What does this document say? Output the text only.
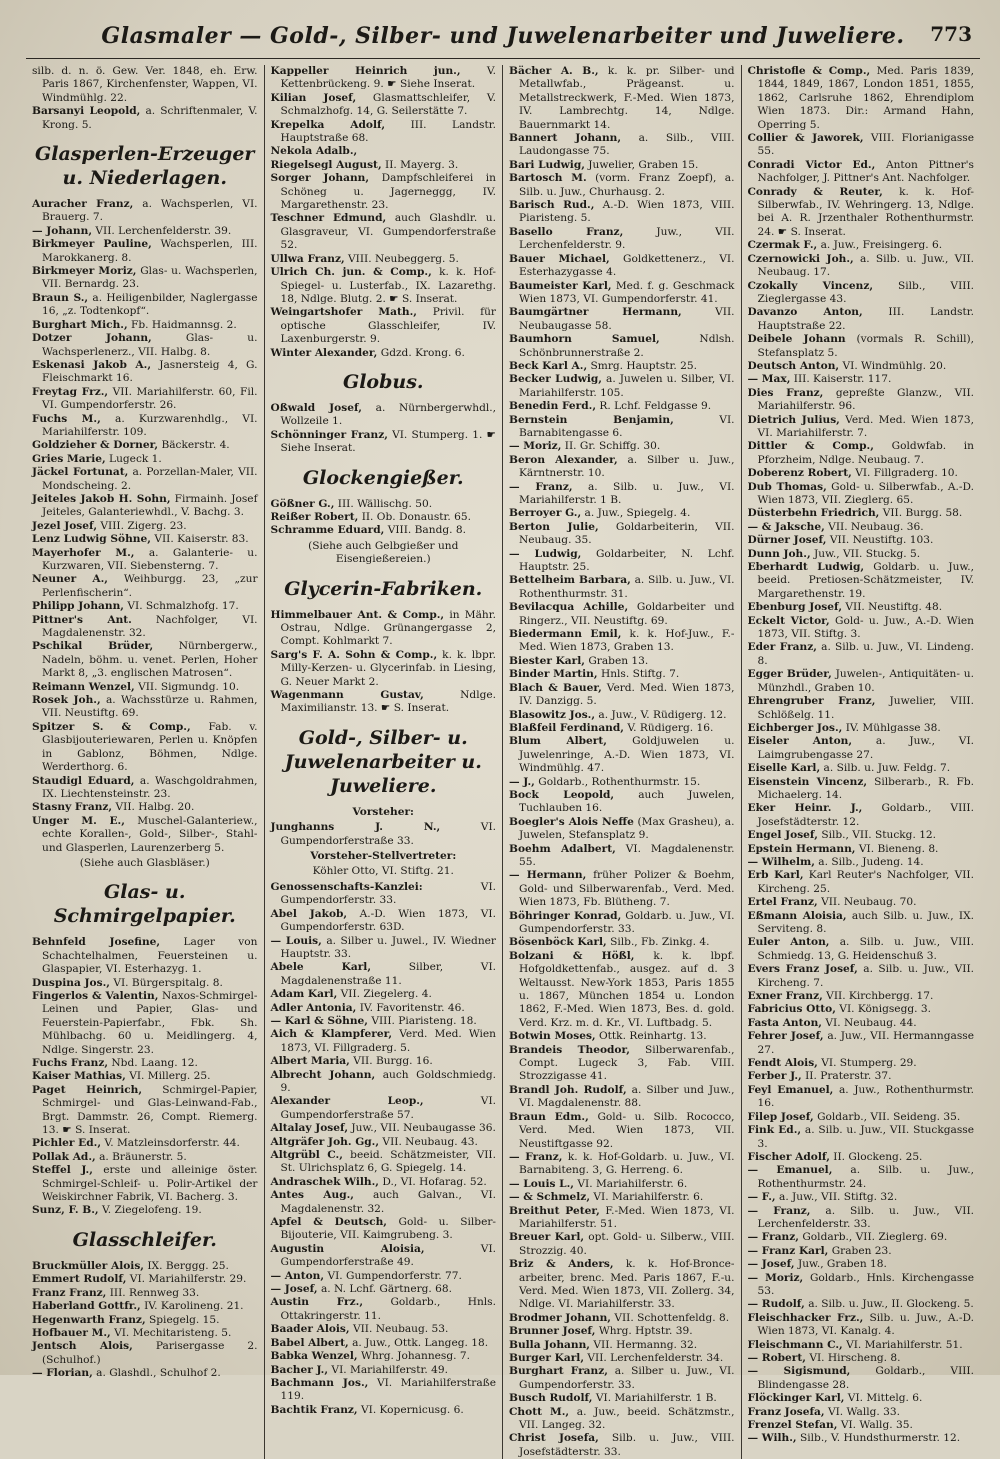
Glasmaler — Gold-, Silber- und Juwelenarbeiter und Juweliere. 773

silb. d. n. ö. Gew. Ver. 1848, eh. Erw. Paris 1867, Kirchenfenster, Wappen, VI. Windmühlg. 22.

Barsanyi Leopold, a. Schriftenmaler, V. Krong. 5.

Glasperlen-Erzeuger u. Niederlagen.

Auracher Franz, a. Wachsperlen, VI. Brauerg. 7.

— Johann, VII. Lerchenfelderstr. 39.

Birkmeyer Pauline, Wachsperlen, III. Marokkanerg. 8.

Birkmeyer Moriz, Glas- u. Wachsperlen, VII. Bernardg. 23.

Braun S., a. Heiligenbilder, Naglergasse 16, „z. Todtenkopf“.

Burghart Mich., Fb. Haidmannsg. 2.

Dotzer Johann,	Glas- u. Wachsperlenerz., VII. Halbg. 8.

Eskenasi Jakob A., Jasnersteig 4, G. Fleischmarkt 16.

Freytag Frz., VII. Mariahilferstr. 60, Fil. VI. Gumpendorferstr. 26.

Fuchs M., a. Kurzwarenhdlg., VI. Mariahilferstr. 109.

Goldzieher & Dorner, Bäckerstr. 4.

Gries Marie, Lugeck 1.

Jäckel Fortunat, a. Porzellan-Maler, VII. Mondscheing. 2.

Jeiteles Jakob H. Sohn, Firmainh. Josef Jeiteles, Galanteriewhdl., V. Bachg. 3.

Jezel Josef, VIII. Zigerg. 23.

Lenz Ludwig Söhne, VII. Kaiserstr. 83.

Mayerhofer M., a. Galanterie- u. Kurzwaren, VII. Siebensterng. 7.

Neuner A., Weihburgg. 23, „zur Perlenfischerin“.

Philipp Johann, VI. Schmalzhofg. 17.

Pittner's Ant. Nachfolger, VI. Magdalenenstr. 32.

Pschikal Brüder, Nürnbergerw., Nadeln, böhm. u. venet. Perlen, Hoher Markt 8, „3. englischen Matrosen“.

Reimann Wenzel, VII. Sigmundg. 10.

Rosek Joh., a. Wachsstürze u. Rahmen, VII. Neustiftg. 69.

Spitzer S. & Comp., Fab. v. Glasbijouteriewaren, Perlen u. Knöpfen in Gablonz, Böhmen, Ndlge. Werderthorg. 6.

Staudigl Eduard, a. Waschgoldrahmen, IX. Liechtensteinstr. 23.

Stasny Franz, VII. Halbg. 20.

Unger M. E., Muschel-Galanteriew., echte Korallen-, Gold-, Silber-, Stahl- und Glasperlen, Laurenzerberg 5.

(Siehe auch Glasbläser.)
Glas- u. Schmirgelpapier.

Behnfeld Josefine, Lager von Schachtelhalmen, Feuersteinen u. Glaspapier, VI. Esterhazyg. 1.

Duspina Jos., VI. Bürgerspitalg. 8.

Fingerlos & Valentin, Naxos-Schmirgel-Leinen und Papier, Glas- und Feuerstein-Papierfabr., Fbk. Sh. Mühlbachg. 60 u. Meidlingerg. 4, Ndlge. Singerstr. 23.

Fuchs Franz, Nbd. Laang. 12.

Kaiser Mathias, VI. Millerg. 25.

Paget Heinrich, Schmirgel-Papier, Schmirgel- und Glas-Leinwand-Fab., Brgt. Dammstr. 26, Compt. Riemerg. 13. ☛ S. Inserat.

Pichler Ed., V. Matzleinsdorferstr. 44.

Pollak Ad., a. Bräunerstr. 5.

Steffel J., erste und alleinige öster. Schmirgel-Schleif- u. Polir-Artikel der Weiskirchner Fabrik, VI. Bacherg. 3.

Sunz, F. B., V. Ziegelofeng. 19.

Glasschleifer.

Bruckmüller Alois, IX. Berggg. 25.

Emmert Rudolf, VI. Mariahilferstr. 29.

Franz Franz, III. Rennweg 33.

Haberland Gottfr., IV. Karolineng. 21.

Hegenwarth Franz, Spiegelg. 15.

Hofbauer M., VI. Mechitaristeng. 5.

Jentsch Alois, Parisergasse 2. (Schulhof.)

— Florian, a. Glashdl., Schulhof 2.

Kappeller Heinrich jun., V. Kettenbrückeng. 9. ☛ Siehe Inserat.

Kilian Josef, Glasmattschleifer, V. Schmalzhofg. 14, G. Seilerstätte 7.

Krepelka Adolf, III. Landstr. Hauptstraße 68.

Nekola Adalb.,

Riegelsegl August, II. Mayerg. 3.

Sorger Johann, Dampfschleiferei in Schöneg u. Jagerneggg, IV. Margarethenstr. 23.

Teschner Edmund, auch Glashdlr. u. Glasgraveur, VI. Gumpendorferstraße 52.

Ullwa Franz, VIII. Neubeggerg. 5.

Ulrich Ch. jun. & Comp., k. k. Hof-Spiegel- u. Lusterfab., IX. Lazarethg. 18, Ndlge. Blutg. 2. ☛ S. Inserat.

Weingartshofer Math., Privil. für optische Glasschleifer, IV. Laxenburgerstr. 9.

Winter Alexander, Gdzd. Krong. 6.

Globus.

Oßwald Josef, a. Nürnbergerwhdl., Wollzeile 1.

Schönninger Franz, VI. Stumperg. 1. ☛ Siehe Inserat.

Glockengießer.

Gößner G., III. Wällischg. 50.

Reißer Robert, II. Ob. Donaustr. 65.

Schramme Eduard, VIII. Bandg. 8.

(Siehe auch Gelbgießer und Eisengießereien.)
Glycerin-Fabriken.

Himmelbauer Ant. & Comp., in Mähr. Ostrau, Ndlge. Grünangergasse 2, Compt. Kohlmarkt 7.

Sarg's F. A. Sohn & Comp., k. k. lbpr. Milly-Kerzen- u. Glycerinfab. in Liesing, G. Neuer Markt 2.

Wagenmann Gustav,	Ndlge. Maximilianstr. 13. ☛ S. Inserat.

Gold-, Silber- u. Juwelenarbeiter u. Juweliere.
Vorsteher:

Junghanns J. N.,	VI. Gumpendorferstraße 33.

Vorsteher-Stellvertreter:
Köhler Otto, VI. Stiftg. 21.

Genossenschafts-Kanzlei:	VI. Gumpendorferstr. 33.

Abel Jakob, A.-D. Wien 1873, VI. Gumpendorferstr. 63D.

— Louis, a. Silber u. Juwel., IV. Wiedner Hauptstr. 33.

Abele Karl,	Silber, VI. Magdalenenstraße 11.

Adam Karl, VII. Ziegelerg. 4.

Adler Antonia, IV. Favoritenstr. 46.

— Karl & Söhne, VIII. Piaristeng. 18.

Aich & Klampferer, Verd. Med. Wien 1873, VI. Fillgraderg. 5.

Albert Maria, VII. Burgg. 16.

Albrecht Johann, auch Goldschmiedg. 9.

Alexander Leop.,	VI. Gumpendorferstraße 57.

Altalay Josef, Juw., VII. Neubaugasse 36.

Altgräfer Joh. Gg., VII. Neubaug. 43.

Altgrübl C., beeid. Schätzmeister, VII. St. Ulrichsplatz 6, G. Spiegelg. 14.

Andraschek Wilh., D., VI. Hofarag. 52.

Antes Aug., auch Galvan., VI. Magdalenenstr. 32.

Apfel & Deutsch, Gold- u. Silber-Bijouterie, VII. Kaimgrubeng. 3.

Augustin Aloisia,	VI. Gumpendorferstraße 49.

— Anton, VI. Gumpendorferstr. 77.

— Josef, a. N. Lchf. Gärtnerg. 68.

Austin Frz.,	Goldarb., Hnls. Ottakringerstr. 11.

Baader Alois, VII. Neubaug. 53.

Babel Albert, a. Juw., Ottk. Langeg. 18.

Babka Wenzel, Whrg. Johannesg. 7.

Bacher J., VI. Mariahilferstr. 49.

Bachmann Jos., VI. Mariahilferstraße 119.

Bachtik Franz, VI. Kopernicusg. 6.

Bächer A. B., k. k. pr. Silber- und Metallwfab., Prägeanst. u. Metallstreckwerk, F.-Med. Wien 1873, IV. Lambrechtg. 14, Ndlge. Bauernmarkt 14.

Bannert Johann, a. Silb., VIII. Laudongasse 75.

Bari Ludwig, Juwelier, Graben 15.

Bartosch M. (vorm. Franz Zoepf), a. Silb. u. Juw., Churhausg. 2.

Barisch Rud., A.-D. Wien 1873, VIII. Piaristeng. 5.

Basello Franz,	Juw., VII. Lerchenfelderstr. 9.

Bauer Michael, Goldkettenerz., VI. Esterhazygasse 4.

Baumeister Karl, Med. f. g. Geschmack Wien 1873, VI. Gumpendorferstr. 41.

Baumgärtner Hermann,	VII. Neubaugasse 58.

Baumhorn Samuel,	Ndlsh. Schönbrunnerstraße 2.

Beck Karl A., Smrg. Hauptstr. 25.

Becker Ludwig, a. Juwelen u. Silber, VI. Mariahilferstr. 105.

Benedin Ferd., R. Lchf. Feldgasse 9.

Bernstein Benjamin,	VI. Barnabitengasse 6.

— Moriz, II. Gr. Schiffg. 30.

Beron Alexander, a. Silber u. Juw., Kärntnerstr. 10.

— Franz, a. Silb. u. Juw., VI. Mariahilferstr. 1 B.

Berroyer G., a. Juw., Spiegelg. 4.

Berton Julie, Goldarbeiterin, VII. Neubaug. 35.

— Ludwig, Goldarbeiter, N. Lchf. Hauptstr. 25.

Bettelheim Barbara, a. Silb. u. Juw., VI. Rothenthurmstr. 31.

Bevilacqua Achille, Goldarbeiter und Ringerz., VII. Neustiftg. 69.

Biedermann Emil, k. k. Hof-Juw., F.-Med. Wien 1873, Graben 13.

Biester Karl, Graben 13.

Binder Martin, Hnls. Stiftg. 7.

Blach & Bauer, Verd. Med. Wien 1873, IV. Danzigg. 5.

Blasowitz Jos., a. Juw., V. Rüdigerg. 12.

Blaßfeil Ferdinand, V. Rüdigerg. 16.

Blum Albert, Goldjuwelen u. Juwelenringe, A.-D. Wien 1873, VI. Windmühlg. 47.

— J., Goldarb., Rothenthurmstr. 15.

Bock Leopold, auch Juwelen, Tuchlauben 16.

Boegler's Alois Neffe (Max Grasheu), a. Juwelen, Stefansplatz 9.

Boehm Adalbert, VI. Magdalenenstr. 55.

— Hermann, früher Polizer & Boehm, Gold- und Silberwarenfab., Verd. Med. Wien 1873, Fb. Blütheng. 7.

Böhringer Konrad, Goldarb. u. Juw., VI. Gumpendorferstr. 33.

Bösenböck Karl, Silb., Fb. Zinkg. 4.

Bolzani & Hößl, k. k. lbpf. Hofgoldkettenfab., ausgez. auf d. 3 Weltausst. New-York 1853, Paris 1855 u. 1867, München 1854 u. London 1862, F.-Med. Wien 1873, Bes. d. gold. Verd. Krz. m. d. Kr., VI. Luftbadg. 5.

Botwin Moses, Ottk. Reinhartg. 13.

Brandeis Theodor, Silberwarenfab., Compt. Lugeck 3, Fab. VIII. Strozzigasse 41.

Brandl Joh. Rudolf, a. Silber und Juw., VI. Magdalenenstr. 88.

Braun Edm., Gold- u. Silb. Rococco, Verd. Med. Wien 1873, VII. Neustiftgasse 92.

— Franz, k. k. Hof-Goldarb. u. Juw., VI. Barnabiteng. 3, G. Herreng. 6.

— Louis L., VI. Mariahilferstr. 6.

— & Schmelz, VI. Mariahilferstr. 6.

Breithut Peter, F.-Med. Wien 1873, VI. Mariahilferstr. 51.

Breuer Karl, opt. Gold- u. Silberw., VIII. Strozzig. 40.

Briz & Anders, k. k. Hof-Bronce-arbeiter, brenc. Med. Paris 1867, F.-u. Verd. Med. Wien 1873, VII. Zollerg. 34, Ndlge. VI. Mariahilferstr. 33.

Brodmer Johann, VII. Schottenfeldg. 8.

Brunner Josef, Whrg. Hptstr. 39.

Bulla Johann, VII. Hermanng. 32.

Burger Karl, VII. Lerchenfelderstr. 34.

Burghart Franz, a. Silber u. Juw., VI. Gumpendorferstr. 33.

Busch Rudolf, VI. Mariahilferstr. 1 B.

Chott M., a. Juw., beeid. Schätzmstr., VII. Langeg. 32.

Christ Josefa, Silb. u. Juw., VIII. Josefstädterstr. 33.

Christofle & Comp., Med. Paris 1839, 1844, 1849, 1867, London 1851, 1855, 1862, Carlsruhe 1862, Ehrendiplom Wien 1873. Dir.: Armand Hahn, Operring 5.

Collier & Jaworek, VIII. Florianigasse 55.

Conradi Victor Ed., Anton Pittner's Nachfolger, J. Pittner's Ant. Nachfolger.

Conrady & Reuter, k. k. Hof-Silberwfab., IV. Wehringerg. 13, Ndlge. bei A. R. Jrzenthaler Rothenthurmstr. 24. ☛ S. Inserat.

Czermak F., a. Juw., Freisingerg. 6.

Czernowicki Joh., a. Silb. u. Juw., VII. Neubaug. 17.

Czokally Vincenz, Silb., VIII. Zieglergasse 43.

Davanzo Anton, III. Landstr. Hauptstraße 22.

Deibele Johann (vormals R. Schill), Stefansplatz 5.

Deutsch Anton, VI. Windmühlg. 20.

— Max, III. Kaiserstr. 117.

Dies Franz, gepreßte Glanzw., VII. Mariahilferstr. 96.

Dietrich Julius, Verd. Med. Wien 1873, VI. Mariahilferstr. 7.

Dittler & Comp., Goldwfab. in Pforzheim, Ndlge. Neubaug. 7.

Doberenz Robert, VI. Fillgraderg. 10.

Dub Thomas, Gold- u. Silberwfab., A.-D. Wien 1873, VII. Zieglerg. 65.

Düsterbehn Friedrich, VII. Burgg. 58.

— & Jaksche, VII. Neubaug. 36.

Dürner Josef, VII. Neustiftg. 103.

Dunn Joh., Juw., VII. Stuckg. 5.

Eberhardt Ludwig, Goldarb. u. Juw., beeid. Pretiosen-Schätzmeister, IV. Margarethenstr. 19.

Ebenburg Josef, VII. Neustiftg. 48.

Eckelt Victor, Gold- u. Juw., A.-D. Wien 1873, VII. Stiftg. 3.

Eder Franz, a. Silb. u. Juw., VI. Lindeng. 8.

Egger Brüder, Juwelen-, Antiquitäten- u. Münzhdl., Graben 10.

Ehrengruber Franz, Juwelier, VIII. Schlößelg. 11.

Eichberger Jos., IV. Mühlgasse 38.

Eiseler Anton, a. Juw., VI. Laimgrubengasse 27.

Eiselle Karl, a. Silb. u. Juw. Feldg. 7.

Eisenstein Vincenz, Silberarb., R. Fb. Michaelerg. 14.

Eker Heinr. J., Goldarb., VIII. Josefstädterstr. 12.

Engel Josef, Silb., VII. Stuckg. 12.

Epstein Hermann, VI. Bieneng. 8.

— Wilhelm, a. Silb., Judeng. 14.

Erb Karl, Karl Reuter's Nachfolger, VII. Kircheng. 25.

Ertel Franz, VII. Neubaug. 70.

Eßmann Aloisia, auch Silb. u. Juw., IX. Serviteng. 8.

Euler Anton, a. Silb. u. Juw., VIII. Schmiedg. 13, G. Heidenschuß 3.

Evers Franz Josef, a. Silb. u. Juw., VII. Kircheng. 7.

Exner Franz, VII. Kirchbergg. 17.

Fabricius Otto, VI. Königsegg. 3.

Fasta Anton, VI. Neubaug. 44.

Fehrer Josef, a. Juw., VII. Hermanngasse 27.

Fendt Alois, VI. Stumperg. 29.

Ferber J., II. Praterstr. 37.

Feyl Emanuel, a. Juw., Rothenthurmstr. 16.

Filep Josef, Goldarb., VII. Seideng. 35.

Fink Ed., a. Silb. u. Juw., VII. Stuckgasse 3.

Fischer Adolf, II. Glockeng. 25.

— Emanuel, a. Silb. u. Juw., Rothenthurmstr. 24.

— F., a. Juw., VII. Stiftg. 32.

— Franz, a. Silb. u. Juw., VII. Lerchenfelderstr. 33.

— Franz, Goldarb., VII. Zieglerg. 69.

— Franz Karl, Graben 23.

— Josef, Juw., Graben 18.

— Moriz, Goldarb., Hnls. Kirchengasse 53.

— Rudolf, a. Silb. u. Juw., II. Glockeng. 5.

Fleischhacker Frz., Silb. u. Juw., A.-D. Wien 1873, VI. Kanalg. 4.

Fleischmann C., VI. Mariahilferstr. 51.

— Robert, VI. Hirscheng. 8.

— Sigismund, Goldarb., VIII. Blindengasse 28.

Flöckinger Karl, VI. Mittelg. 6.

Franz Josefa, VI. Wallg. 33.

Frenzel Stefan, VI. Wallg. 35.

— Wilh., Silb., V. Hundsthurmerstr. 12.
